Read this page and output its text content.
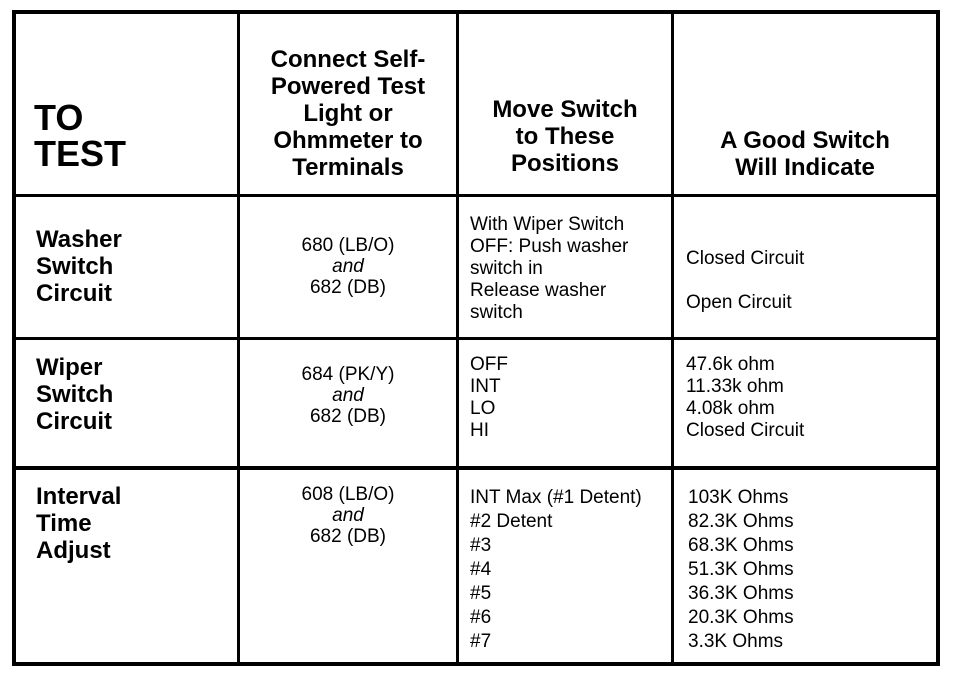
TO
TEST
Connect Self-
Powered Test
Light or
Ohmmeter to
Terminals
Move Switch
to These
Positions
A Good Switch
Will Indicate
Washer
Switch
Circuit
680 (LB/O)
and
682 (DB)
With Wiper Switch
OFF: Push washer
switch in
Release washer
switch
Closed Circuit
Open Circuit
Wiper
Switch
Circuit
684 (PK/Y)
and
682 (DB)
OFF
INT
LO
HI
47.6k ohm
11.33k ohm
4.08k ohm
Closed Circuit
Interval
Time
Adjust
608 (LB/O)
and
682 (DB)
INT Max (#1 Detent)
#2 Detent
#3
#4
#5
#6
#7
103K Ohms
82.3K Ohms
68.3K Ohms
51.3K Ohms
36.3K Ohms
20.3K Ohms
3.3K Ohms
